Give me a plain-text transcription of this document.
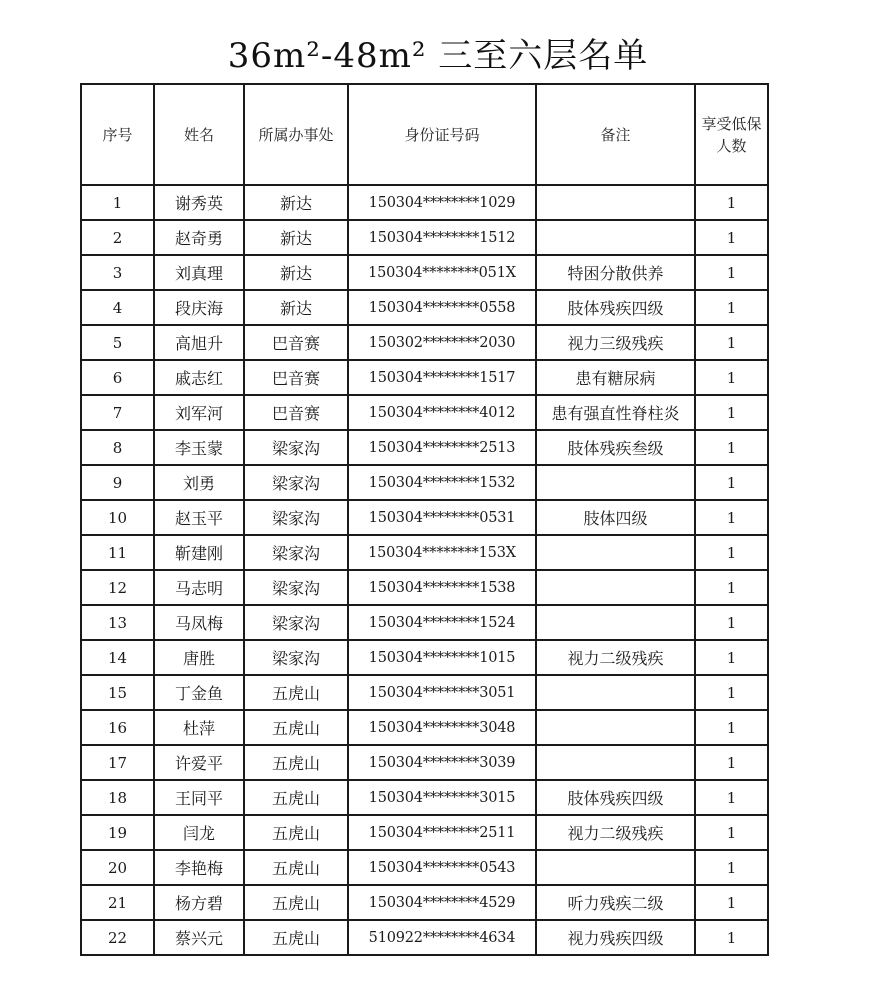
36m²-48m² 三至六层名单
序号	姓名	所属办事处	身份证号码	备注	享受低保人数
1	谢秀英	新达	150304********1029		1
2	赵奇勇	新达	150304********1512		1
3	刘真理	新达	150304********051X	特困分散供养	1
4	段庆海	新达	150304********0558	肢体残疾四级	1
5	高旭升	巴音赛	150302********2030	视力三级残疾	1
6	戚志红	巴音赛	150304********1517	患有糖尿病	1
7	刘军河	巴音赛	150304********4012	患有强直性脊柱炎	1
8	李玉蒙	梁家沟	150304********2513	肢体残疾叁级	1
9	刘勇	梁家沟	150304********1532		1
10	赵玉平	梁家沟	150304********0531	肢体四级	1
11	靳建刚	梁家沟	150304********153X		1
12	马志明	梁家沟	150304********1538		1
13	马凤梅	梁家沟	150304********1524		1
14	唐胜	梁家沟	150304********1015	视力二级残疾	1
15	丁金鱼	五虎山	150304********3051		1
16	杜萍	五虎山	150304********3048		1
17	许爱平	五虎山	150304********3039		1
18	王同平	五虎山	150304********3015	肢体残疾四级	1
19	闫龙	五虎山	150304********2511	视力二级残疾	1
20	李艳梅	五虎山	150304********0543		1
21	杨方碧	五虎山	150304********4529	听力残疾二级	1
22	蔡兴元	五虎山	510922********4634	视力残疾四级	1
